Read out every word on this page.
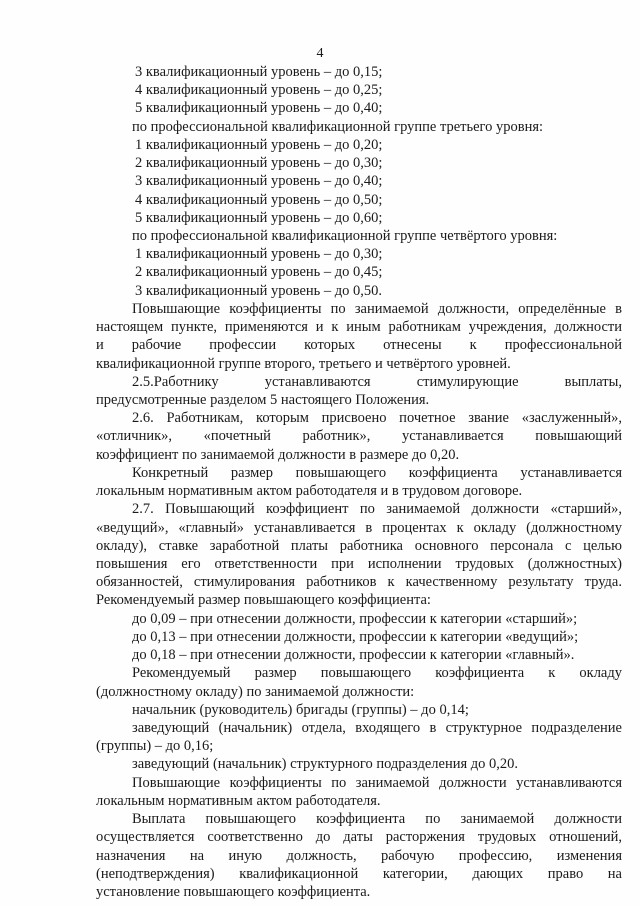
4
3 квалификационный уровень – до 0,15;
4 квалификационный уровень – до 0,25;
5 квалификационный уровень – до 0,40;
по профессиональной квалификационной группе третьего уровня:
1 квалификационный уровень – до 0,20;
2 квалификационный уровень – до 0,30;
3 квалификационный уровень – до 0,40;
4 квалификационный уровень – до 0,50;
5 квалификационный уровень – до 0,60;
по профессиональной квалификационной группе четвёртого уровня:
1 квалификационный уровень – до 0,30;
2 квалификационный уровень – до 0,45;
3 квалификационный уровень – до 0,50.
Повышающие коэффициенты по занимаемой должности, определённые в
настоящем пункте, применяются и к иным работникам учреждения, должности
и рабочие профессии которых отнесены к профессиональной
квалификационной группе второго, третьего и четвёртого уровней.
2.5.Работнику устанавливаются стимулирующие выплаты,
предусмотренные разделом 5 настоящего Положения.
2.6. Работникам, которым присвоено почетное звание «заслуженный»,
«отличник», «почетный работник», устанавливается повышающий
коэффициент по занимаемой должности в размере до 0,20.
Конкретный размер повышающего коэффициента устанавливается
локальным нормативным актом работодателя и в трудовом договоре.
2.7. Повышающий коэффициент по занимаемой должности «старший»,
«ведущий», «главный» устанавливается в процентах к окладу (должностному
окладу), ставке заработной платы работника основного персонала с целью
повышения его ответственности при исполнении трудовых (должностных)
обязанностей, стимулирования работников к качественному результату труда.
Рекомендуемый размер повышающего коэффициента:
до 0,09 – при отнесении должности, профессии к категории «старший»;
до 0,13 – при отнесении должности, профессии к категории «ведущий»;
до 0,18 – при отнесении должности, профессии к категории «главный».
Рекомендуемый размер повышающего коэффициента к окладу
(должностному окладу) по занимаемой должности:
начальник (руководитель) бригады (группы) – до 0,14;
заведующий (начальник) отдела, входящего в структурное подразделение
(группы) – до 0,16;
заведующий (начальник) структурного подразделения до 0,20.
Повышающие коэффициенты по занимаемой должности устанавливаются
локальным нормативным актом работодателя.
Выплата повышающего коэффициента по занимаемой должности
осуществляется соответственно до даты расторжения трудовых отношений,
назначения на иную должность, рабочую профессию, изменения
(неподтверждения) квалификационной категории, дающих право на
установление повышающего коэффициента.
